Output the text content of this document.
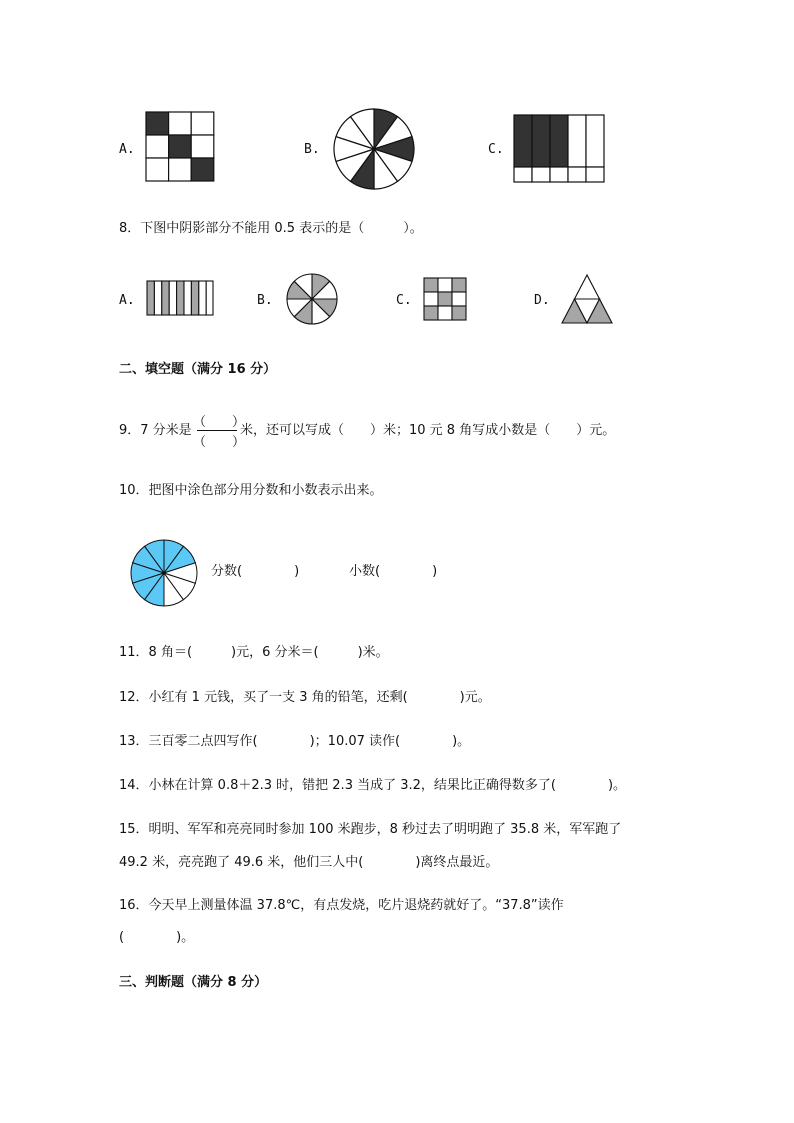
A.	B.	C.
8．下图中阴影部分不能用 0.5 表示的是（　　　）。
A.	B.	C.	D.
二、填空题（满分 16 分）
9．7 分米是
（　　）
（　　）
米，还可以写成（　　）米；10 元 8 角写成小数是（　　）元。
10．把图中涂色部分用分数和小数表示出来。
分数(　　　　)	小数(　　　　)
11．8 角＝(　　　)元，6 分米＝(　　　)米。
12．小红有 1 元钱，买了一支 3 角的铅笔，还剩(　　　　)元。
13．三百零二点四写作(　　　　)；10.07 读作(　　　　)。
14．小林在计算 0.8＋2.3 时，错把 2.3 当成了 3.2，结果比正确得数多了(　　　　)。
15．明明、军军和亮亮同时参加 100 米跑步，8 秒过去了明明跑了 35.8 米，军军跑了
49.2 米，亮亮跑了 49.6 米，他们三人中(　　　　)离终点最近。
16．今天早上测量体温 37.8℃，有点发烧，吃片退烧药就好了。“37.8”读作
(　　　　)。
三、判断题（满分 8 分）
